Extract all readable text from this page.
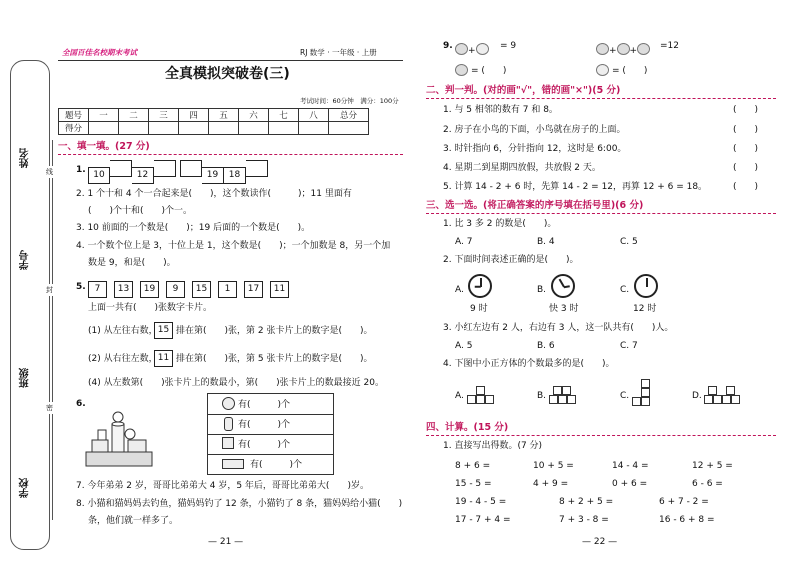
姓名
学号
班级
学校
线
封
密
全国百佳名校期末考试	RJ 数学 · 一年级 · 上册
全真模拟突破卷(三)
考试时间：60分钟　满分：100分
题号	一	二	三	四	五	六	七	八	总分
得分									
一、填一填。(27 分)
1. 10	12	19 18
2. 1 个十和 4 个一合起来是(　　)，这个数读作(　　　)；11 里面有
(　　)个十和(　　)个一。
3. 10 前面的一个数是(　　)；19 后面的一个数是(　　)。
4. 一个数个位上是 3，十位上是 1，这个数是(　　)；一个加数是 8，另一个加
数是 9，和是(　　)。
5. 7 13 19 9 15 1 17 11
上面一共有(　　)张数字卡片。
(1) 从左往右数， 15 排在第(　　)张，第 2 张卡片上的数字是(　　)。
(2) 从右往左数， 11 排在第(　　)张，第 5 张卡片上的数字是(　　)。
(4) 从左数第(　　)张卡片上的数最小，第(　　)张卡片上的数最接近 20。
6.	有(　　　)个
有(　　　)个
有(　　　)个
有(　　　)个
7. 今年弟弟 2 岁，哥哥比弟弟大 4 岁，5 年后，哥哥比弟弟大(　　)岁。
8. 小猫和猫妈妈去钓鱼，猫妈妈钓了 12 条，小猫钓了 8 条，猫妈妈给小猫(　　)
条，他们就一样多了。
— 21 —
9.	+	= 9	+ +	=12
= (　　)	= (　　)
二、判一判。(对的画"√"，错的画"×")(5 分)
1. 与 5 相邻的数有 7 和 8。
2. 房子在小鸟的下面，小鸟就在房子的上面。
3. 时针指向 6，分针指向 12，这时是 6:00。
4. 星期二到星期四放假，共放假 2 天。
5. 计算 14 - 2 + 6 时，先算 14 - 2 = 12，再算 12 + 6 = 18。
(　　)
(　　)
(　　)
(　　)
(　　)
三、选一选。(将正确答案的序号填在括号里)(6 分)
1. 比 3 多 2 的数是(　　)。
A. 7	B. 4	C. 5
2. 下面时间表述正确的是(　　)。
A.
9 时
B.
快 3 时
C.
12 时
3. 小红左边有 2 人，右边有 3 人，这一队共有(　　)人。
A. 5	B. 6	C. 7
4. 下图中小正方体的个数最多的是(　　)。
A.	B.	C.	D.
四、计算。(15 分)
1. 直接写出得数。(7 分)
8 + 6 =	10 + 5 =	14 - 4 =	12 + 5 =
15 - 5 =	4 + 9 =	0 + 6 =	6 - 6 =
19 - 4 - 5 =	8 + 2 + 5 =	6 + 7 - 2 =
17 - 7 + 4 =	7 + 3 - 8 =	16 - 6 + 8 =
— 22 —
